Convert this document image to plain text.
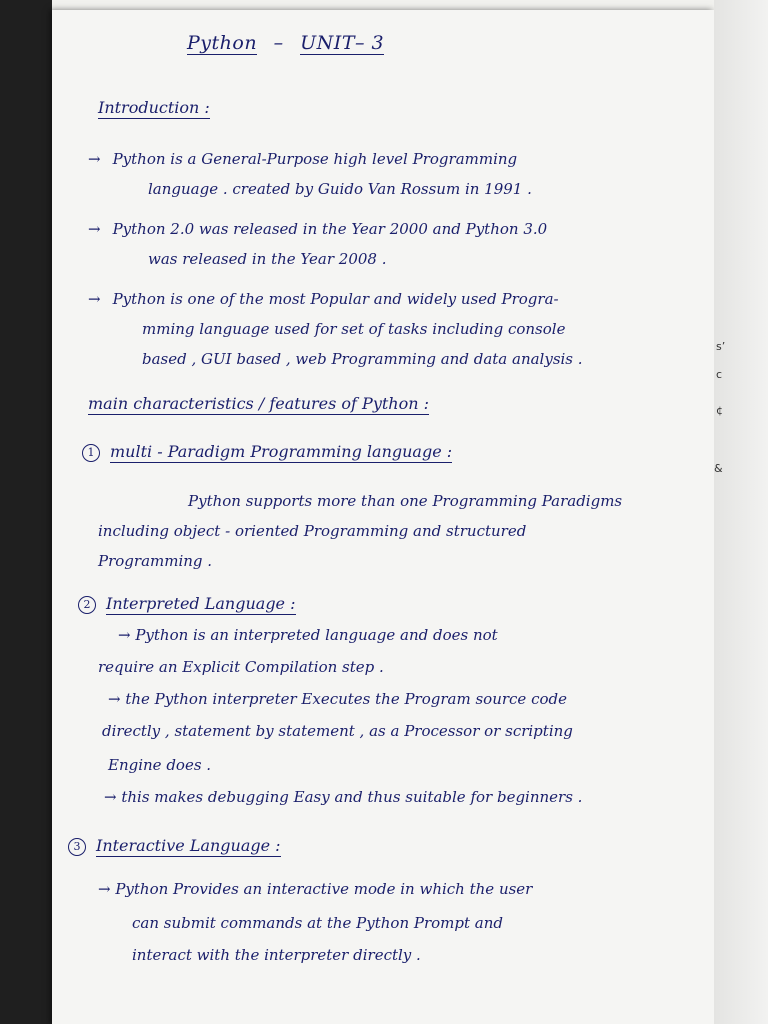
Python – UNIT– 3
Introduction :
→ Python is a General-Purpose high level Programming
language . created by Guido Van Rossum in 1991 .
→ Python 2.0 was released in the Year 2000 and Python 3.0
was released in the Year 2008 .
→ Python is one of the most Popular and widely used Progra-
mming language used for set of tasks including console
based , GUI based , web Programming and data analysis .
main characteristics / features of Python :
1 multi - Paradigm Programming language :
Python supports more than one Programming Paradigms
including object - oriented Programming and structured
Programming .
2 Interpreted Language :
→ Python is an interpreted language and does not
require an Explicit Compilation step .
→ the Python interpreter Executes the Program source code
directly , statement by statement , as a Processor or scripting
Engine does .
→ this makes debugging Easy and thus suitable for beginners .
3 Interactive Language :
→ Python Provides an interactive mode in which the user
can submit commands at the Python Prompt and
interact with the interpreter directly .
s’
c
¢
&
